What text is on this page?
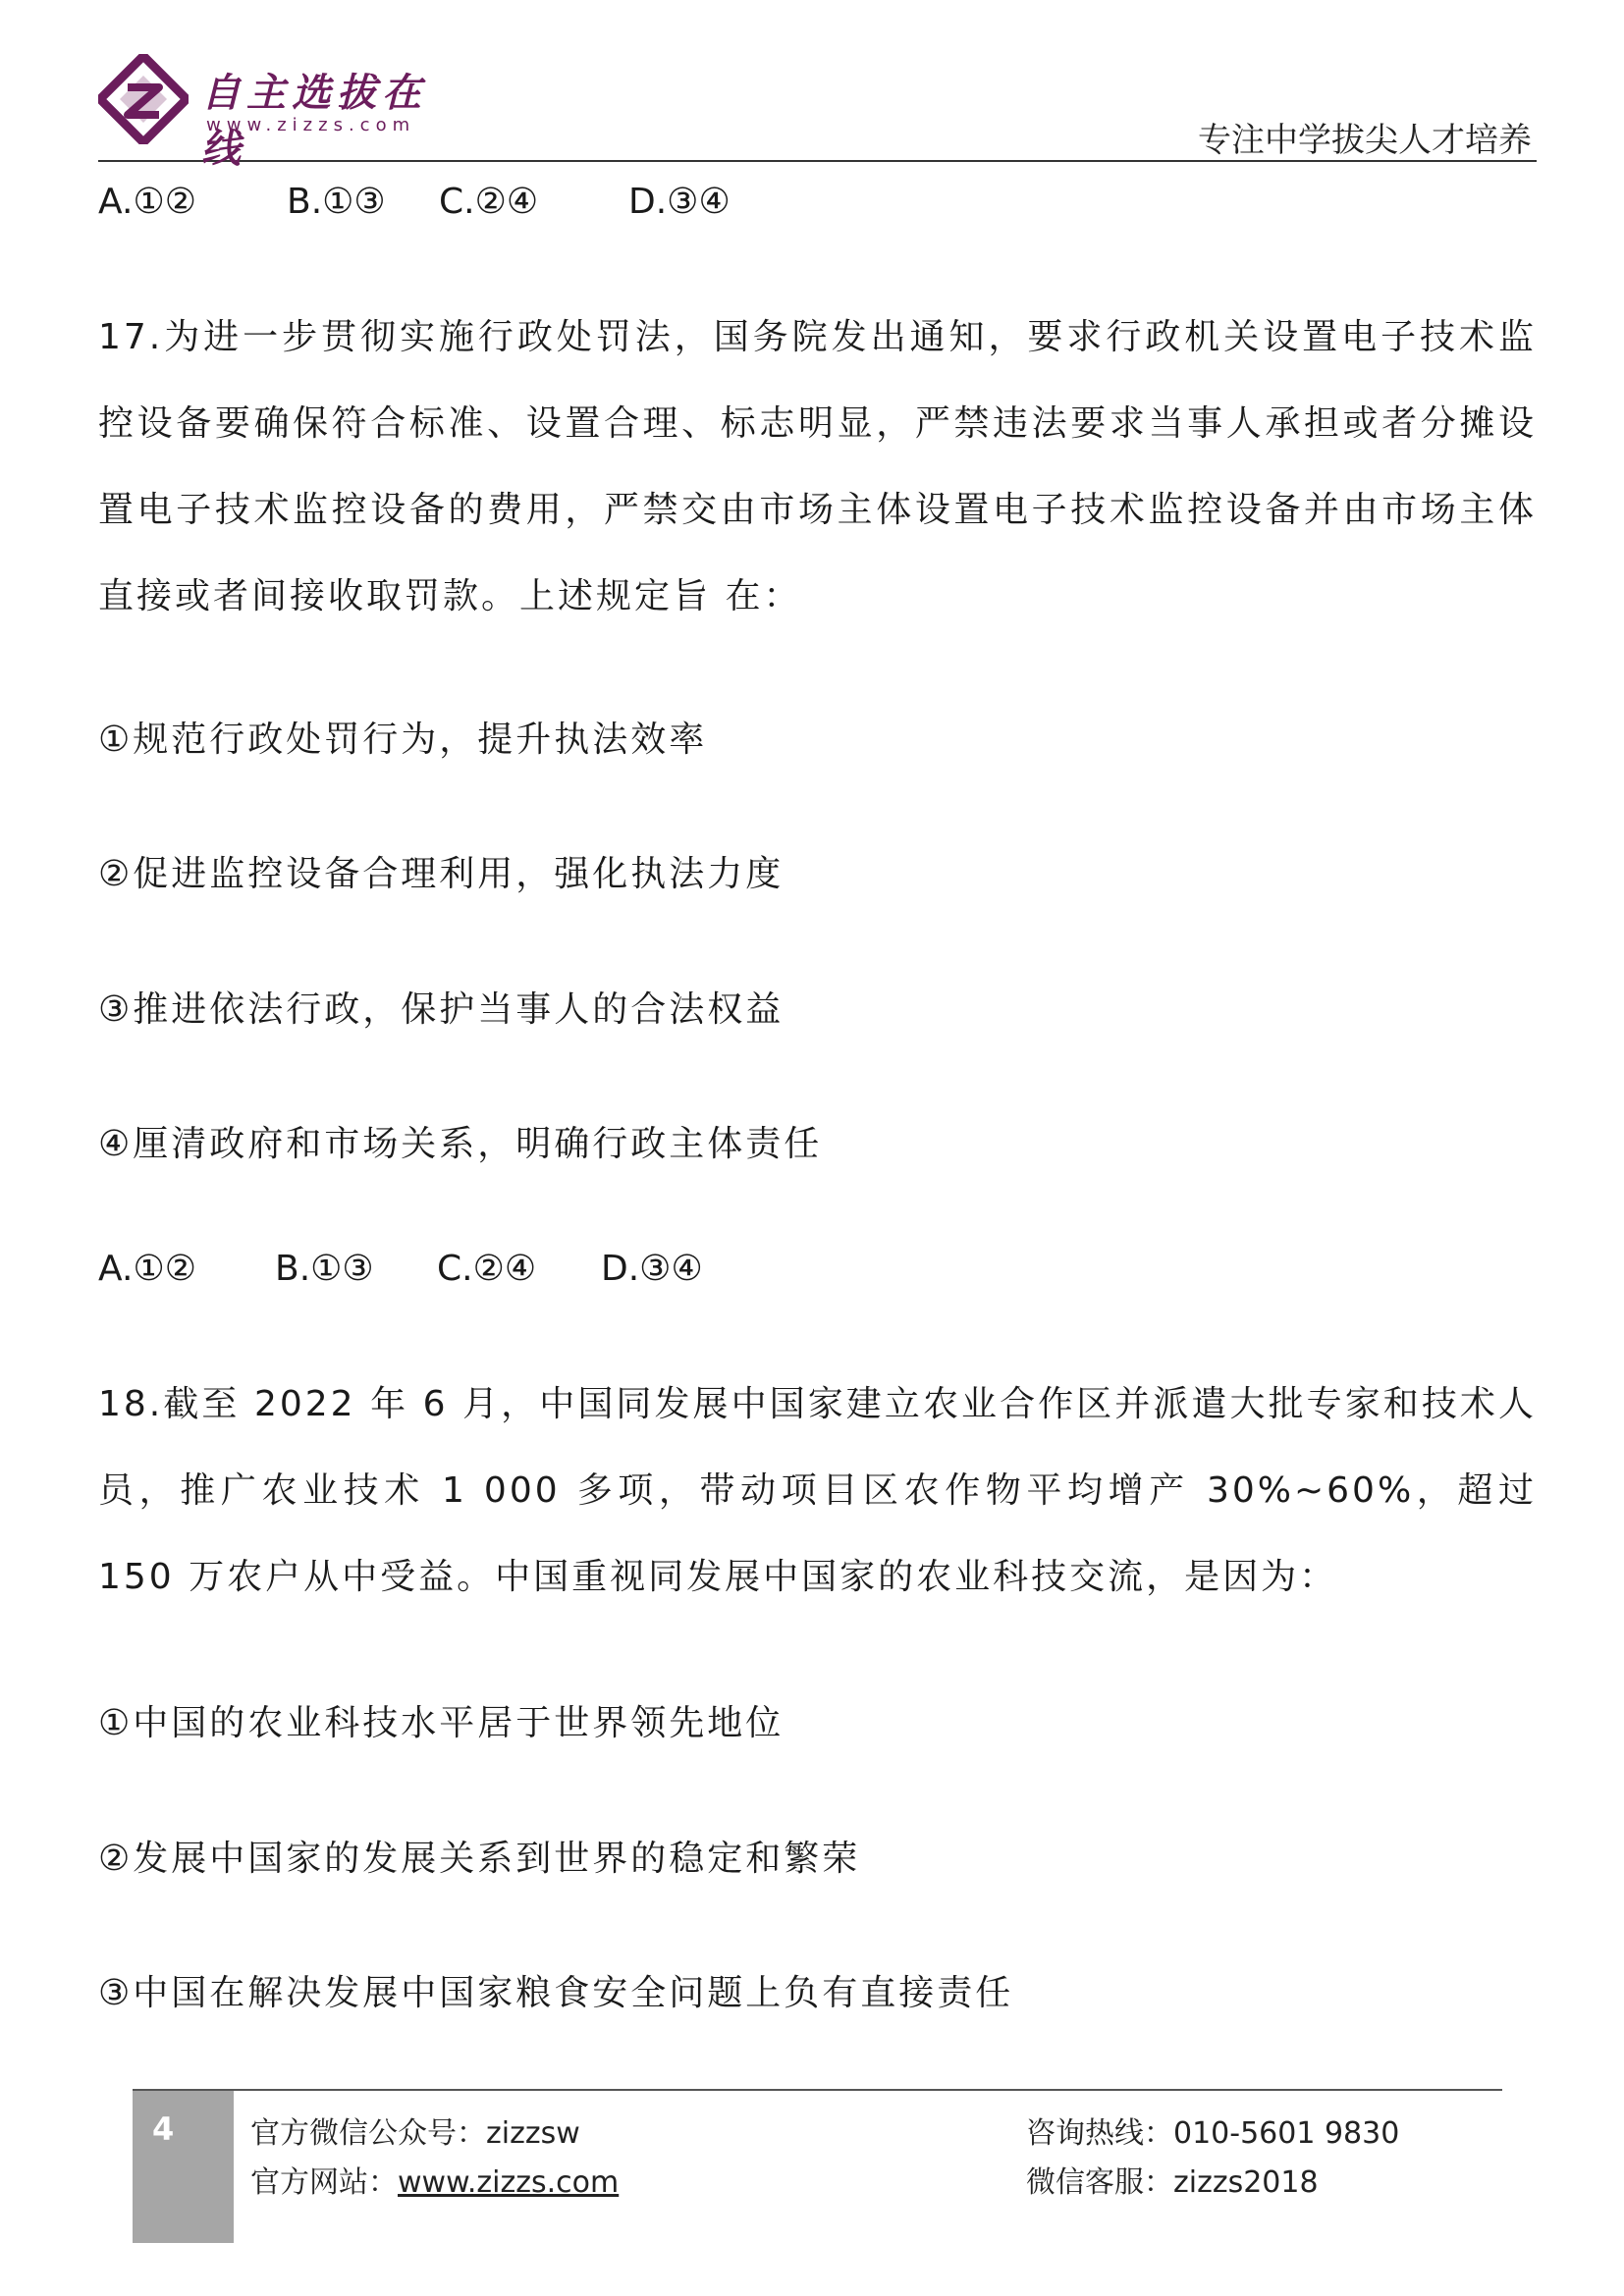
自主选拔在线
www.zizzs.com	专注中学拔尖人才培养
A.①②	B.①③ C.②④	D.③④
17.为进一步贯彻实施行政处罚法，国务院发出通知，要求行政机关设置电子技术监控设备要确保符合标准、设置合理、标志明显，严禁违法要求当事人承担或者分摊设置电子技术监控设备的费用，严禁交由市场主体设置电子技术监控设备并由市场主体直接或者间接收取罚款。上述规定旨 在：
①规范行政处罚行为，提升执法效率
②促进监控设备合理利用，强化执法力度
③推进依法行政，保护当事人的合法权益
④厘清政府和市场关系，明确行政主体责任
A.①② B.①③ C.②④ D.③④
18.截至 2022 年 6 月，中国同发展中国家建立农业合作区并派遣大批专家和技术人员，推广农业技术 1 000 多项，带动项目区农作物平均增产 30%~60%，超过 150 万农户从中受益。中国重视同发展中国家的农业科技交流，是因为：
①中国的农业科技水平居于世界领先地位
②发展中国家的发展关系到世界的稳定和繁荣
③中国在解决发展中国家粮食安全问题上负有直接责任
4	官方微信公众号：zizzsw
官方网站：www.zizzs.com
咨询热线：010-5601 9830
微信客服：zizzs2018
